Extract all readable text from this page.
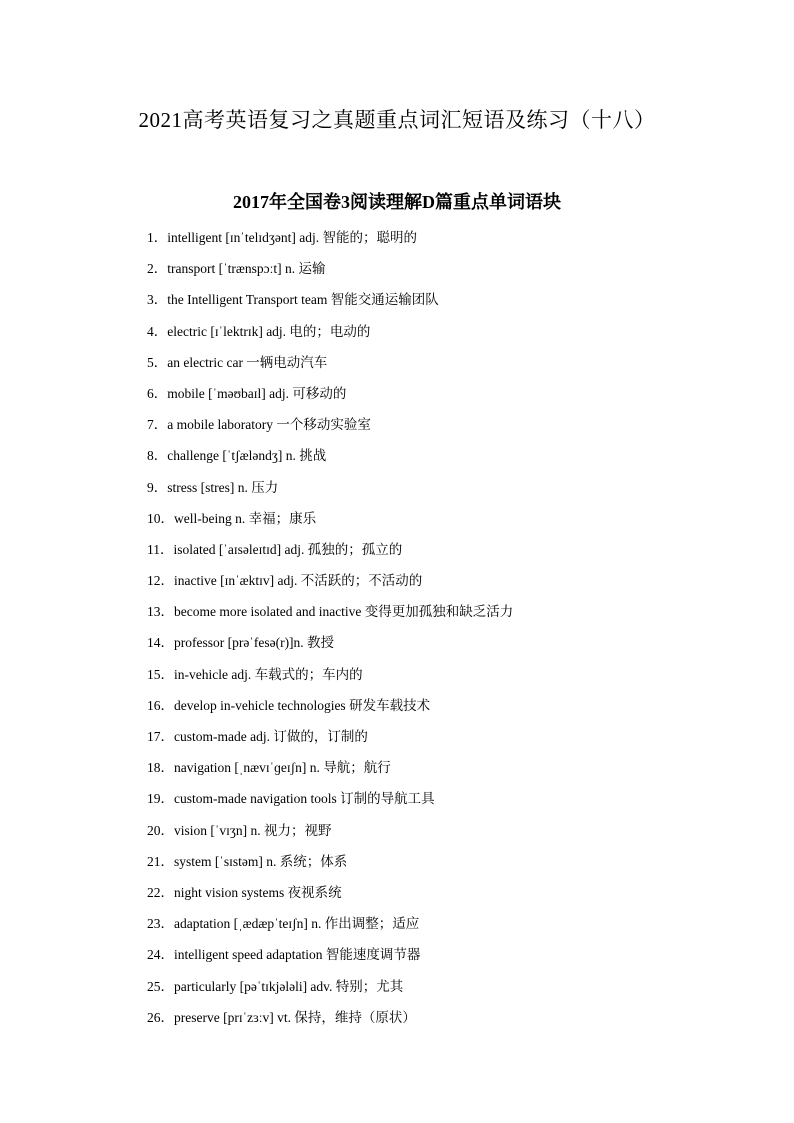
2021高考英语复习之真题重点词汇短语及练习（十八）
2017年全国卷3阅读理解D篇重点单词语块
1．intelligent [ɪnˈtelɪdʒənt] adj. 智能的；聪明的
2．transport [ˈtrænspɔːt] n. 运输
3．the Intelligent Transport team 智能交通运输团队
4．electric [ɪˈlektrɪk] adj. 电的；电动的
5．an electric car 一辆电动汽车
6．mobile [ˈməʊbaɪl] adj. 可移动的
7．a mobile laboratory 一个移动实验室
8．challenge [ˈtʃæləndʒ] n. 挑战
9．stress [stres] n. 压力
10．well-being n. 幸福；康乐
11．isolated [ˈaɪsəleɪtɪd] adj. 孤独的；孤立的
12．inactive [ɪnˈæktɪv] adj. 不活跃的；不活动的
13．become more isolated and inactive 变得更加孤独和缺乏活力
14．professor [prəˈfesə(r)]n. 教授
15．in-vehicle adj. 车载式的；车内的
16．develop in-vehicle technologies 研发车载技术
17．custom-made adj. 订做的，订制的
18．navigation [ˌnævɪˈɡeɪʃn] n. 导航；航行
19．custom-made navigation tools 订制的导航工具
20．vision [ˈvɪʒn] n. 视力；视野
21．system [ˈsɪstəm] n. 系统；体系
22．night vision systems 夜视系统
23．adaptation [ˌædæpˈteɪʃn] n. 作出调整；适应
24．intelligent speed adaptation 智能速度调节器
25．particularly [pəˈtɪkjələli] adv. 特别；尤其
26．preserve [prɪˈzɜːv] vt. 保持，维持（原状）
